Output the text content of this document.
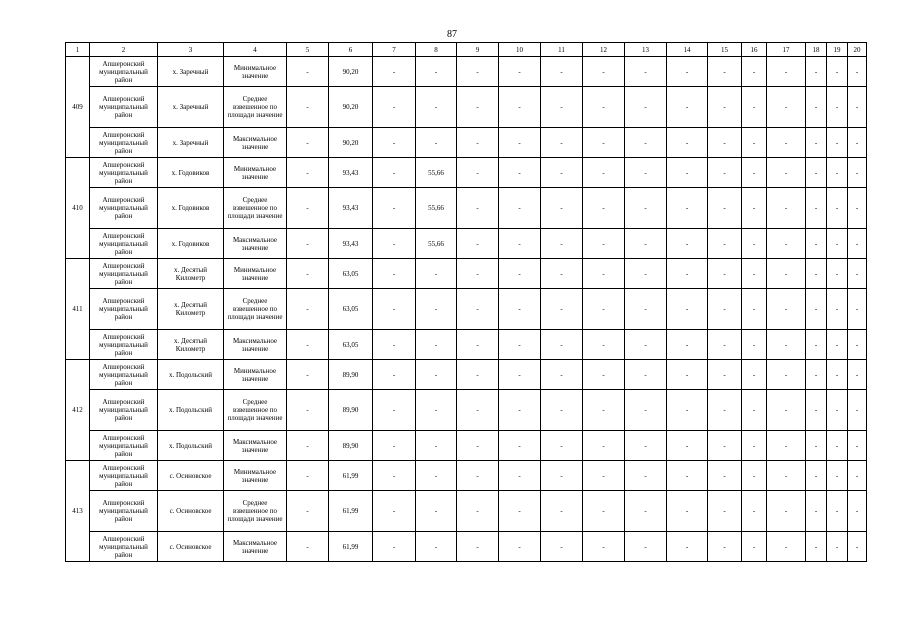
87
1	2	3	4	5	6	7	8	9	10	11	12	13	14	15	16	17	18	19	20
409	Апшеронский муниципальный район	х. Заречный	Минимальное значение	-	90,20	-	-	-	-	-	-	-	-	-	-	-	-	-	-
	Апшеронский муниципальный район	х. Заречный	Среднее взвешенное по площади значение	-	90,20	-	-	-	-	-	-	-	-	-	-	-	-	-	-
	Апшеронский муниципальный район	х. Заречный	Максимальное значение	-	90,20	-	-	-	-	-	-	-	-	-	-	-	-	-	-
410	Апшеронский муниципальный район	х. Годовиков	Минимальное значение	-	93,43	-	55,66	-	-	-	-	-	-	-	-	-	-	-	-
	Апшеронский муниципальный район	х. Годовиков	Среднее взвешенное по площади значение	-	93,43	-	55,66	-	-	-	-	-	-	-	-	-	-	-	-
	Апшеронский муниципальный район	х. Годовиков	Максимальное значение	-	93,43	-	55,66	-	-	-	-	-	-	-	-	-	-	-	-
411	Апшеронский муниципальный район	х. Десятый Километр	Минимальное значение	-	63,05	-	-	-	-	-	-	-	-	-	-	-	-	-	-
	Апшеронский муниципальный район	х. Десятый Километр	Среднее взвешенное по площади значение	-	63,05	-	-	-	-	-	-	-	-	-	-	-	-	-	-
	Апшеронский муниципальный район	х. Десятый Километр	Максимальное значение	-	63,05	-	-	-	-	-	-	-	-	-	-	-	-	-	-
412	Апшеронский муниципальный район	х. Подольский	Минимальное значение	-	89,90	-	-	-	-	-	-	-	-	-	-	-	-	-	-
	Апшеронский муниципальный район	х. Подольский	Среднее взвешенное по площади значение	-	89,90	-	-	-	-	-	-	-	-	-	-	-	-	-	-
	Апшеронский муниципальный район	х. Подольский	Максимальное значение	-	89,90	-	-	-	-	-	-	-	-	-	-	-	-	-	-
413	Апшеронский муниципальный район	с. Осиновское	Минимальное значение	-	61,99	-	-	-	-	-	-	-	-	-	-	-	-	-	-
	Апшеронский муниципальный район	с. Осиновское	Среднее взвешенное по площади значение	-	61,99	-	-	-	-	-	-	-	-	-	-	-	-	-	-
	Апшеронский муниципальный район	с. Осиновское	Максимальное значение	-	61,99	-	-	-	-	-	-	-	-	-	-	-	-	-	-
